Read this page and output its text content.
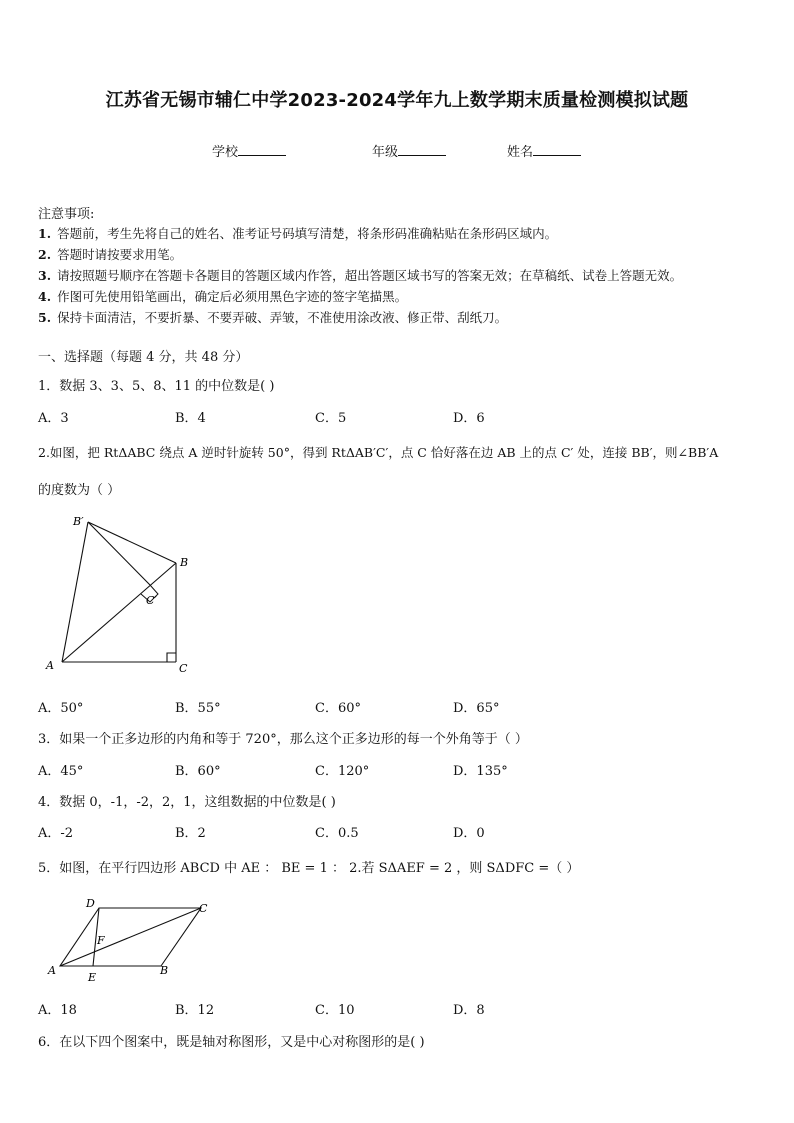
江苏省无锡市辅仁中学2023-2024学年九上数学期末质量检测模拟试题
学校	年级	姓名
注意事项:
1. 答题前，考生先将自己的姓名、准考证号码填写清楚，将条形码准确粘贴在条形码区域内。
2. 答题时请按要求用笔。
3. 请按照题号顺序在答题卡各题目的答题区域内作答，超出答题区域书写的答案无效；在草稿纸、试卷上答题无效。
4. 作图可先使用铅笔画出，确定后必须用黑色字迹的签字笔描黑。
5. 保持卡面清洁，不要折暴、不要弄破、弄皱，不准使用涂改液、修正带、刮纸刀。
一、选择题（每题 4 分，共 48 分）
1．数据 3、3、5、8、11 的中位数是( )
A．3	B．4	C．5	D．6
2.如图，把 RtΔABC 绕点 A 逆时针旋转 50°，得到 RtΔAB′C′，点 C 恰好落在边 AB 上的点 C′ 处，连接 BB′，则∠BB′A
的度数为（ ）
B′
B
C′
A	C
A．50°	B．55°	C．60°	D．65°
3．如果一个正多边形的内角和等于 720°，那么这个正多边形的每一个外角等于（ ）
A．45°	B．60°	C．120°	D．135°
4．数据 0，-1，-2，2，1，这组数据的中位数是( )
A．-2	B．2	C．0.5	D．0
5．如图，在平行四边形 ABCD 中 AE ： BE = 1 ： 2.若 SΔAEF = 2 ，则 SΔDFC =（ ）
D	C
F
A
E
B
A．18	B．12	C．10	D．8
6．在以下四个图案中，既是轴对称图形，又是中心对称图形的是( )
